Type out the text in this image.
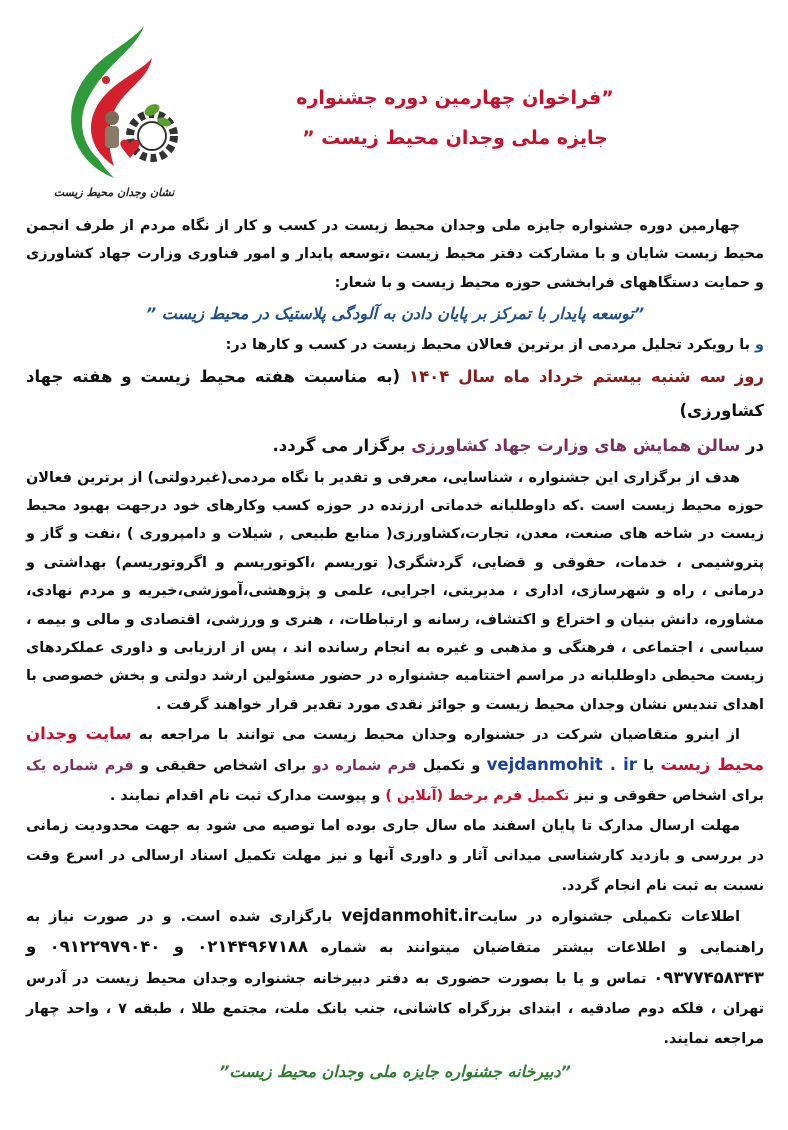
نشان وجدان محیط زیست
”فراخوان چهارمین دوره جشنواره
جایزه ملی وجدان محیط زیست ”

چهارمین دوره جشنواره جایزه ملی وجدان محیط زیست در کسب و کار از نگاه مردم از طرف انجمن محیط زیست شایان و با مشارکت دفتر محیط زیست ،توسعه پایدار و امور فناوری وزارت جهاد کشاورزی و حمایت دستگاههای فرابخشی حوزه محیط زیست و با شعار:

”توسعه پایدار با تمرکز بر پایان دادن به آلودگی پلاستیک در محیط زیست ”

و با رویکرد تجلیل مردمی از برترین فعالان محیط زیست در کسب و کارها در:

روز سه شنبه بیستم خرداد ماه سال ۱۴۰۴ (به مناسبت هفته محیط زیست و هفته جهاد کشاورزی)

در سالن همایش های وزارت جهاد کشاورزی برگزار می گردد.

هدف از برگزاری این جشنواره ، شناسایی، معرفی و تقدیر با نگاه مردمی(غیردولتی) از برترین فعالان حوزه محیط زیست است .که داوطلبانه خدماتی ارزنده در حوزه کسب وکارهای خود درجهت بهبود محیط زیست در شاخه های صنعت، معدن، تجارت،کشاورزی( منابع طبیعی , شیلات و دامپروری ) ،نفت و گاز و پتروشیمی ، خدمات، حقوقی و قضایی، گردشگری( توریسم ،اکوتوریسم و اگروتوریسم) بهداشتی و درمانی ، راه و شهرسازی، اداری ، مدیریتی، اجرایی، علمی و پژوهشی،آموزشی،خیریه و مردم نهادی، مشاوره، دانش بنیان و اختراع و اکتشاف، رسانه و ارتباطات، ، هنری و ورزشی، اقتصادی و مالی و بیمه ، سیاسی ، اجتماعی ، فرهنگی و مذهبی و غیره به انجام رسانده اند ، پس از ارزیابی و داوری عملکردهای زیست محیطی داوطلبانه در مراسم اختتامیه جشنواره در حضور مسئولین ارشد دولتی و بخش خصوصی با اهدای تندیس نشان وجدان محیط زیست و جوائز نقدی مورد تقدیر قرار خواهند گرفت .

از اینرو متقاضیان شرکت در جشنواره وجدان محیط زیست می توانند با مراجعه به سایت وجدان محیط زیست یا vejdanmohit . ir و تکمیل فرم شماره دو برای اشخاص حقیقی و فرم شماره یک برای اشخاص حقوقی و نیز تکمیل فرم برخط (آنلاین ) و پیوست مدارک ثبت نام اقدام نمایند .

مهلت ارسال مدارک تا پایان اسفند ماه سال جاری بوده اما توصیه می شود به جهت محدودیت زمانی در بررسی و بازدید کارشناسی میدانی آثار و داوری آنها و نیز مهلت تکمیل اسناد ارسالی در اسرع وقت نسبت به ثبت نام انجام گردد.

اطلاعات تکمیلی جشنواره در سایتvejdanmohit.ir بارگزاری شده است. و در صورت نیاز به راهنمایی و اطلاعات بیشتر متقاضیان میتوانند به شماره ۰۲۱۴۴۹۶۷۱۸۸ و ۰۹۱۲۲۹۷۹۰۴۰ و ۰۹۳۷۷۴۵۸۳۴۳ تماس و یا با بصورت حضوری به دفتر دبیرخانه جشنواره وجدان محیط زیست در آدرس تهران ، فلکه دوم صادقیه ، ابتدای بزرگراه کاشانی، جنب بانک ملت، مجتمع طلا ، طبقه ۷ ، واحد چهار مراجعه نمایند.

”دبیرخانه جشنواره جایزه ملی وجدان محیط زیست”
